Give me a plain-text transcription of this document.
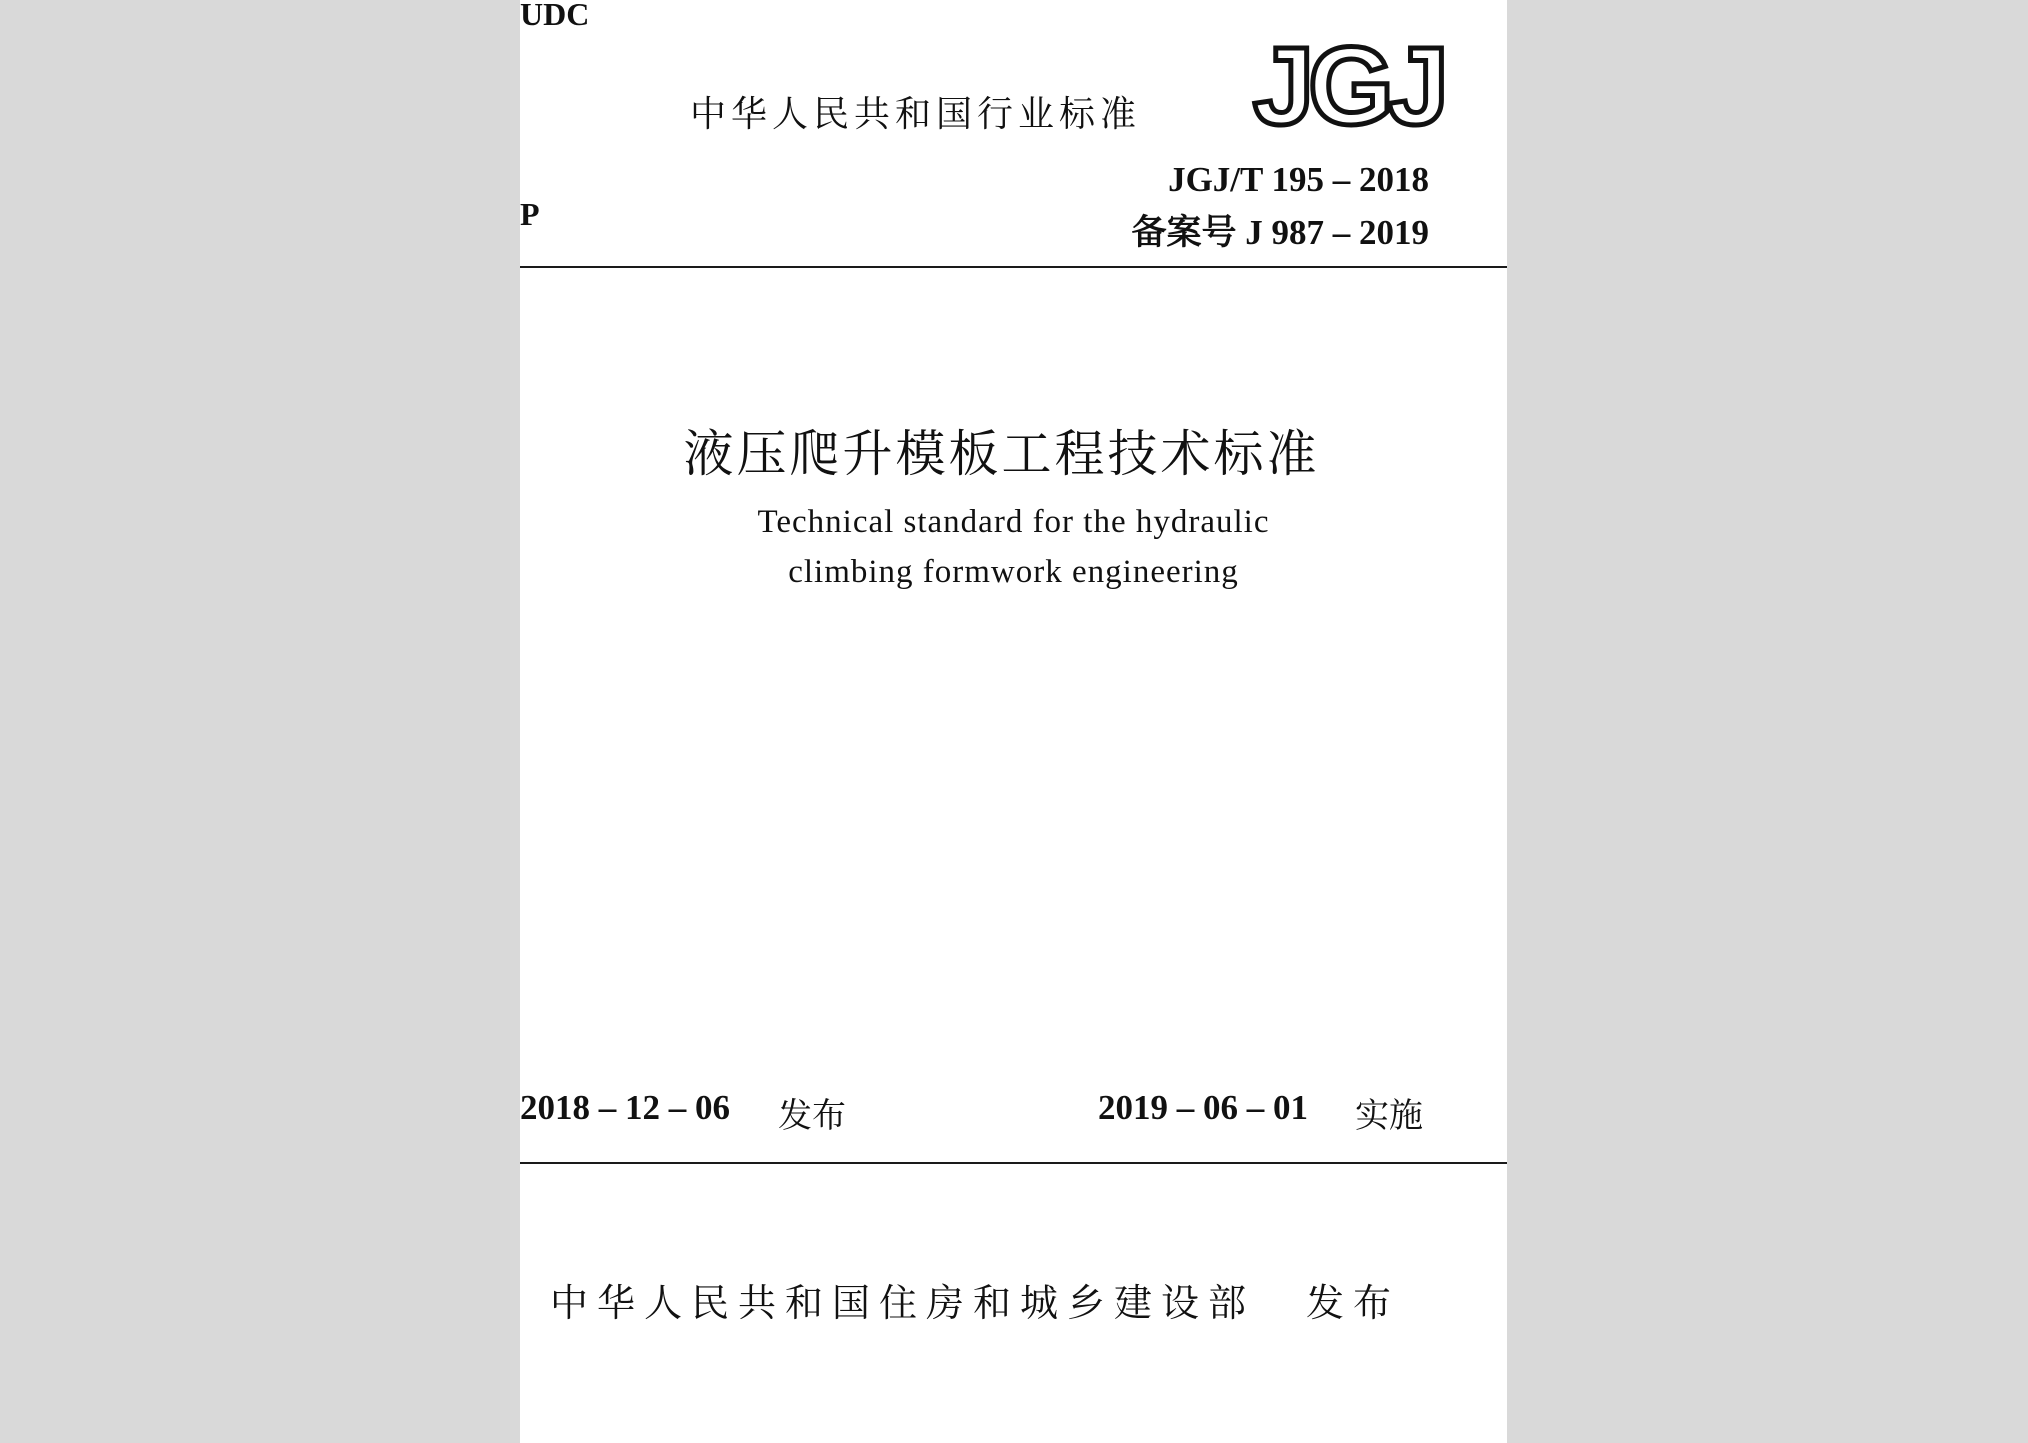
UDC
P
中华人民共和国行业标准 JGJ
JGJ/T 195 – 2018
备案号 J 987 – 2019
液压爬升模板工程技术标准
Technical standard for the hydraulic
climbing formwork engineering
2018 – 12 – 06 发布	2019 – 06 – 01 实施
中华人民共和国住房和城乡建设部 发布
